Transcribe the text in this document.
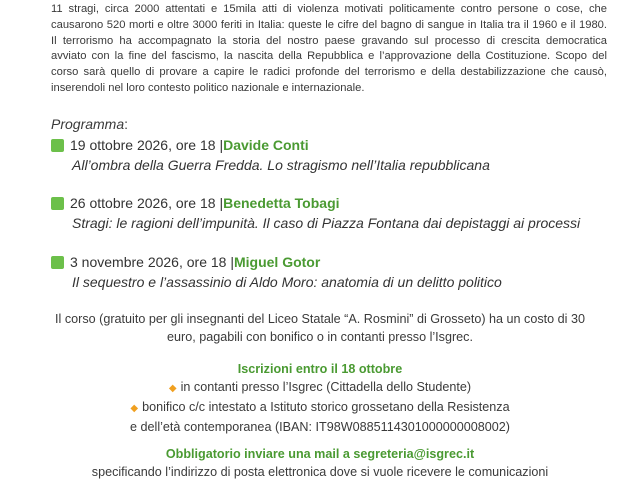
11 stragi, circa 2000 attentati e 15mila atti di violenza motivati politicamente contro persone o cose, che
causarono 520 morti e oltre 3000 feriti in Italia: queste le cifre del bagno di sangue in Italia tra il 1960 e il 1980.
Il terrorismo ha accompagnato la storia del nostro paese gravando sul processo di crescita democratica
avviato con la fine del fascismo, la nascita della Repubblica e l’approvazione della Costituzione. Scopo del
corso sarà quello di provare a capire le radici profonde del terrorismo e della destabilizzazione che causò,
inserendoli nel loro contesto politico nazionale e internazionale.
Programma:
19 ottobre 2026, ore 18 | Davide Conti
All’ombra della Guerra Fredda. Lo stragismo nell’Italia repubblicana
26 ottobre 2026, ore 18 | Benedetta Tobagi
Stragi: le ragioni dell’impunità. Il caso di Piazza Fontana dai depistaggi ai processi
3 novembre 2026, ore 18 | Miguel Gotor
Il sequestro e l’assassinio di Aldo Moro: anatomia di un delitto politico
Il corso (gratuito per gli insegnanti del Liceo Statale “A. Rosmini” di Grosseto) ha un costo di 30
euro, pagabili con bonifico o in contanti presso l’Isgrec.
Iscrizioni entro il 18 ottobre
◆ in contanti presso l’Isgrec (Cittadella dello Studente)
◆ bonifico c/c intestato a Istituto storico grossetano della Resistenza
e dell’età contemporanea (IBAN: IT98W0885114301000000008002)
Obbligatorio inviare una mail a segreteria@isgrec.it
specificando l’indirizzo di posta elettronica dove si vuole ricevere le comunicazioni
